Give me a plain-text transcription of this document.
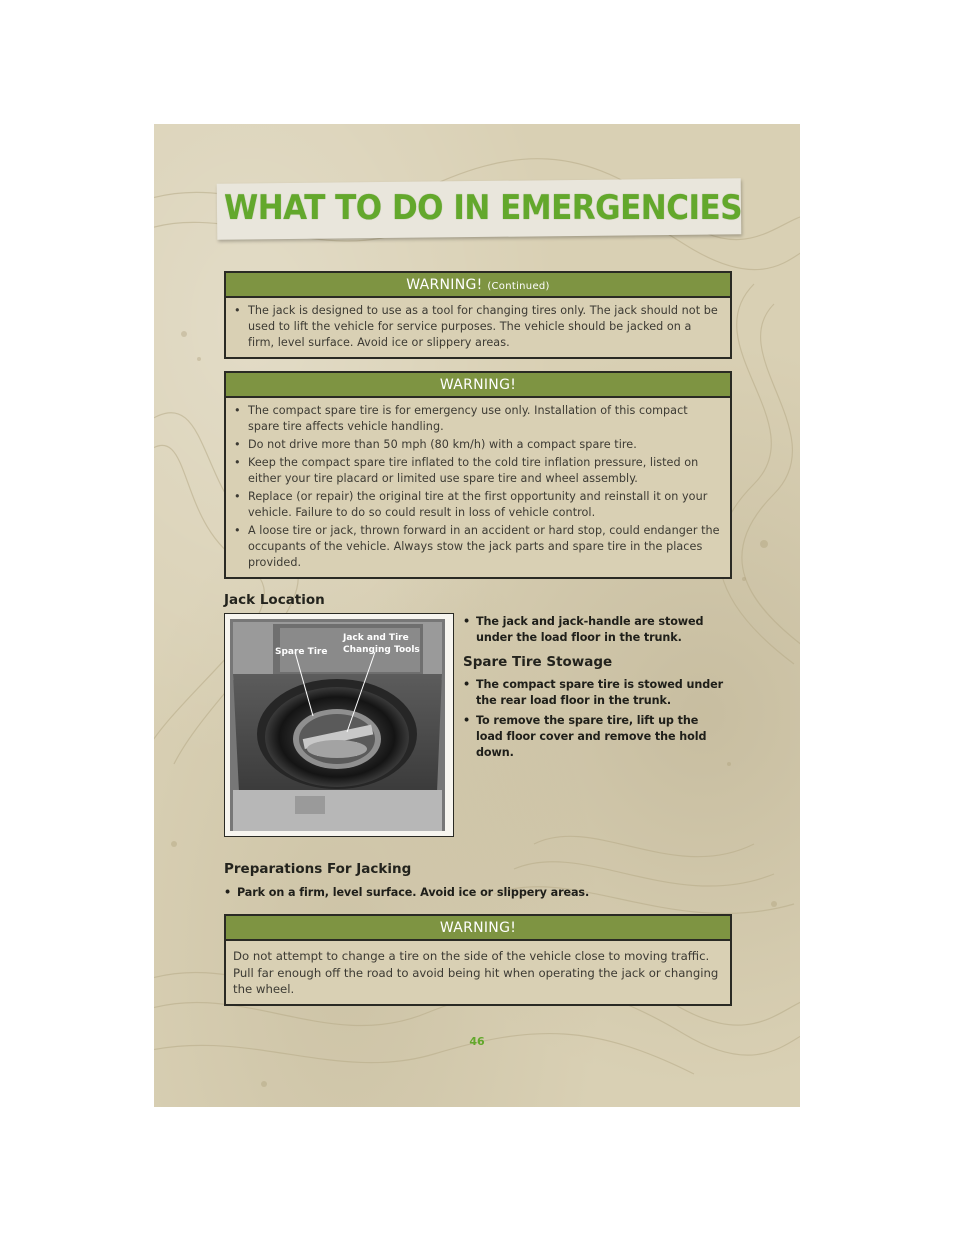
WHAT TO DO IN EMERGENCIES
WARNING! (Continued)
• The jack is designed to use as a tool for changing tires only. The jack should not be used to lift the vehicle for service purposes. The vehicle should be jacked on a firm, level surface. Avoid ice or slippery areas.
WARNING!
• The compact spare tire is for emergency use only. Installation of this compact spare tire affects vehicle handling.
• Do not drive more than 50 mph (80 km/h) with a compact spare tire.
• Keep the compact spare tire inflated to the cold tire inflation pressure, listed on either your tire placard or limited use spare tire and wheel assembly.
• Replace (or repair) the original tire at the first opportunity and reinstall it on your vehicle. Failure to do so could result in loss of vehicle control.
• A loose tire or jack, thrown forward in an accident or hard stop, could endanger the occupants of the vehicle. Always stow the jack parts and spare tire in the places provided.
Jack Location
Spare Tire
Jack and Tire Changing Tools
• The jack and jack-handle are stowed under the load floor in the trunk.
Spare Tire Stowage
• The compact spare tire is stowed under the rear load floor in the trunk.
• To remove the spare tire, lift up the load floor cover and remove the hold down.
Preparations For Jacking
• Park on a firm, level surface. Avoid ice or slippery areas.
WARNING!

Do not attempt to change a tire on the side of the vehicle close to moving traffic. Pull far enough off the road to avoid being hit when operating the jack or changing the wheel.

46
